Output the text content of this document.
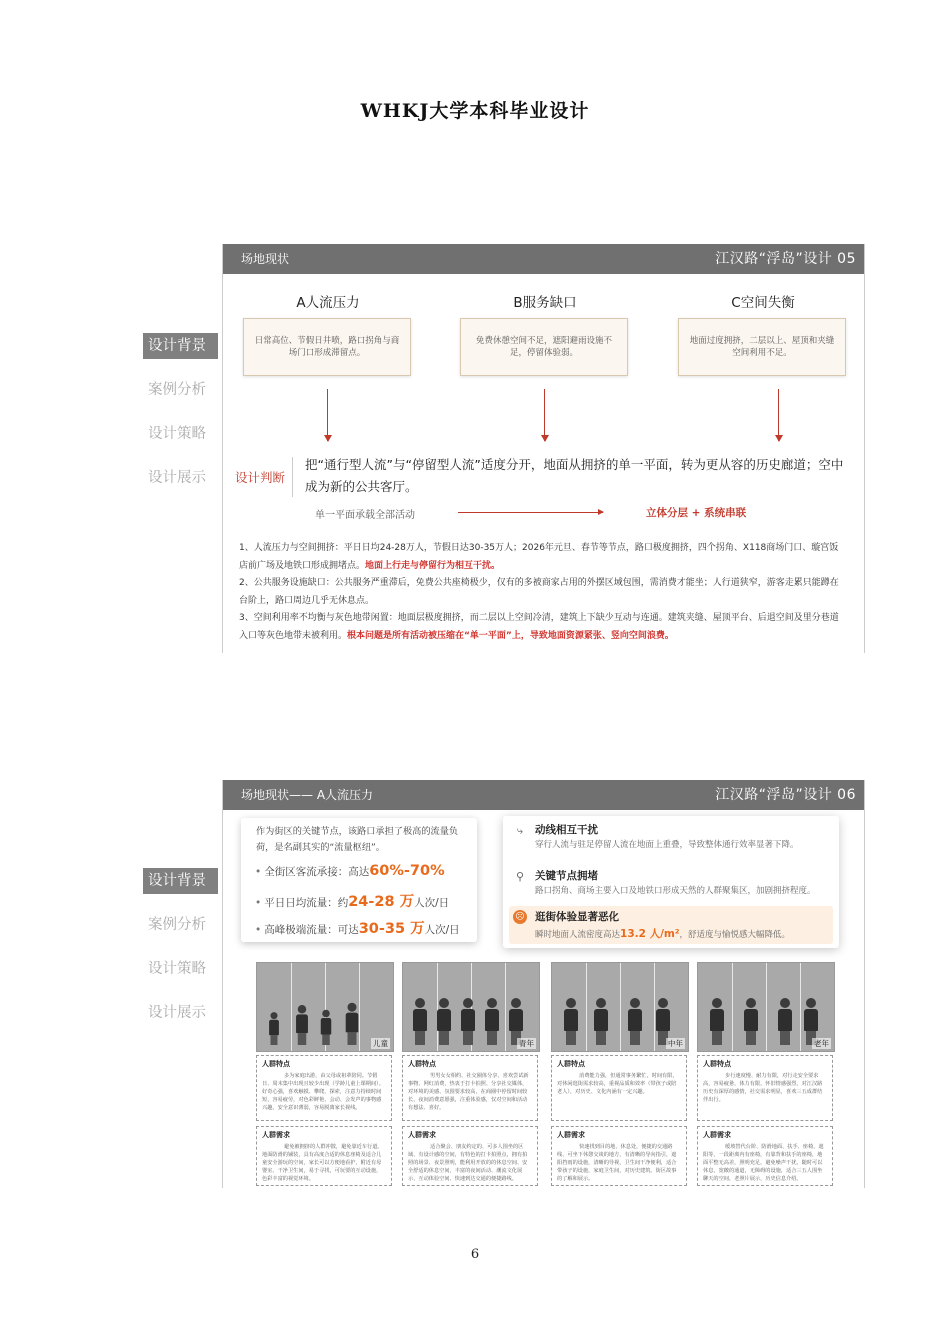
WHKJ大学本科毕业设计
设计背景
案例分析
设计策略
设计展示
场地现状	江汉路“浮岛”设计 05
A人流压力	B服务缺口	C空间失衡
日常高位、节假日井喷，路口拐角与商场门口形成滞留点。
免费休憩空间不足，遮阳避雨设施不足，停留体验弱。
地面过度拥挤，二层以上、屋顶和夹缝空间利用不足。
设计判断
把“通行型人流”与“停留型人流”适度分开，地面从拥挤的单一平面，转为更从容的历史廊道；空中成为新的公共客厅。
单一平面承载全部活动	立体分层 + 系统串联

1、人流压力与空间拥挤：平日日均24-28万人，节假日达30-35万人；2026年元旦、春节等节点，路口极度拥挤，四个拐角、X118商场门口、璇宫饭店前广场及地铁口形成拥堵点。地面上行走与停留行为相互干扰。

2、公共服务设施缺口：公共服务严重滞后，免费公共座椅极少，仅有的多被商家占用的外摆区域包围，需消费才能坐；人行道狭窄，游客走累只能蹲在台阶上，路口周边几乎无休息点。

3、空间利用率不均衡与灰色地带闲置：地面层极度拥挤，而二层以上空间冷清，建筑上下缺少互动与连通。建筑夹缝、屋顶平台、后退空间及里分巷道入口等灰色地带未被利用。根本问题是所有活动被压缩在“单一平面”上，导致地面资源紧张、竖向空间浪费。

设计背景
案例分析
设计策略
设计展示
场地现状—— A人流压力	江汉路“浮岛”设计 06
作为街区的关键节点，该路口承担了极高的流量负荷，是名副其实的“流量枢纽”。
• 全街区客流承接：高达60%-70%
• 平日日均流量：约24-28 万人次/日
• 高峰极端流量：可达30-35 万人次/日
⤷	动线相互干扰
穿行人流与驻足停留人流在地面上重叠，导致整体通行效率显著下降。
⚲ 关键节点拥堵
路口拐角、商场主要入口及地铁口形成天然的人群聚集区，加剧拥挤程度。
☹ 逛街体验显著恶化
瞬时地面人流密度高达13.2 人/m²，舒适度与愉悦感大幅降低。
儿童	青年	中年	老年
人群特点
多为家庭出游，由父母或祖辈陪同。节假日、周末集中出现且较少出现（学龄儿童上课期间）。好奇心强，喜欢触摸、攀爬、探索，注意力持续时间短，容易疲劳，对色彩鲜艳、会动、会发声的事物感兴趣，安全意识薄弱，容易脱离家长视线。
人群特点
男男女女相约、社交圈体分享、喜欢尝试新事物、网红消费，热衷于打卡拍照、分享社交媒体，对环境的美感、氛围要求较高，在商圈中停留时间较长，夜间消费意愿强，注重体验感，仅对空间和活动有想法、喜好。
人群特点
消费能力强，但通常事务繁忙，时间有限，对休闲逛街需求较高，重视品质和效率（带孩子或陪老人），对历史、文化内涵有一定兴趣。
人群特点
步行速度慢、耐力有限，对行走安全要求高，容易疲惫，体力有限，怀旧情感强烈，对江汉路历史有深厚的感情，社交需求明显，喜欢三五成群结伴出行。
人群需求
避免被拥挤的人群冲散，避免靠近车行道。地面防滑的铺装，具有高度合适的休息座椅及适合儿童安全游玩的空间，家长可以方便地看护，附近有母婴室、干净卫生间，易于寻找，可玩要的互动设施，色彩丰富的视觉环境。
人群需求
适合聚会、朋友约定的、可多人围坐的区域、有设计感的空间，有特色的打卡拍照点，拥有拍照的场景、夜景照明，能利用开放的的休息空间、安全舒适的休息空间，丰富的夜间活动、潮流文化展示、互动体验空间、快速到达交通的便捷路线。
人群需求
快速找到目的地、休息处，便捷的交通路线、可坐下休憩交谈的地方，有清晰的导向指引，遮阳挡雨的设施，清晰的导视，卫生间干净便利，适合带孩子的设施，家庭卫生间，对历史建筑、街区故事的了解和展示。
人群需求
缓坡替代台阶、防滑地面、扶手、座椅、遮阳等，一段距离内有座椅，有靠背和扶手的座椅，地面平整无高差，照明充足，避免噪声干扰，随时可以休息，宽敞的通道，无障碍的设施，适合三五人围坐聊天的空间，老照片展示，历史信息介绍。
6
